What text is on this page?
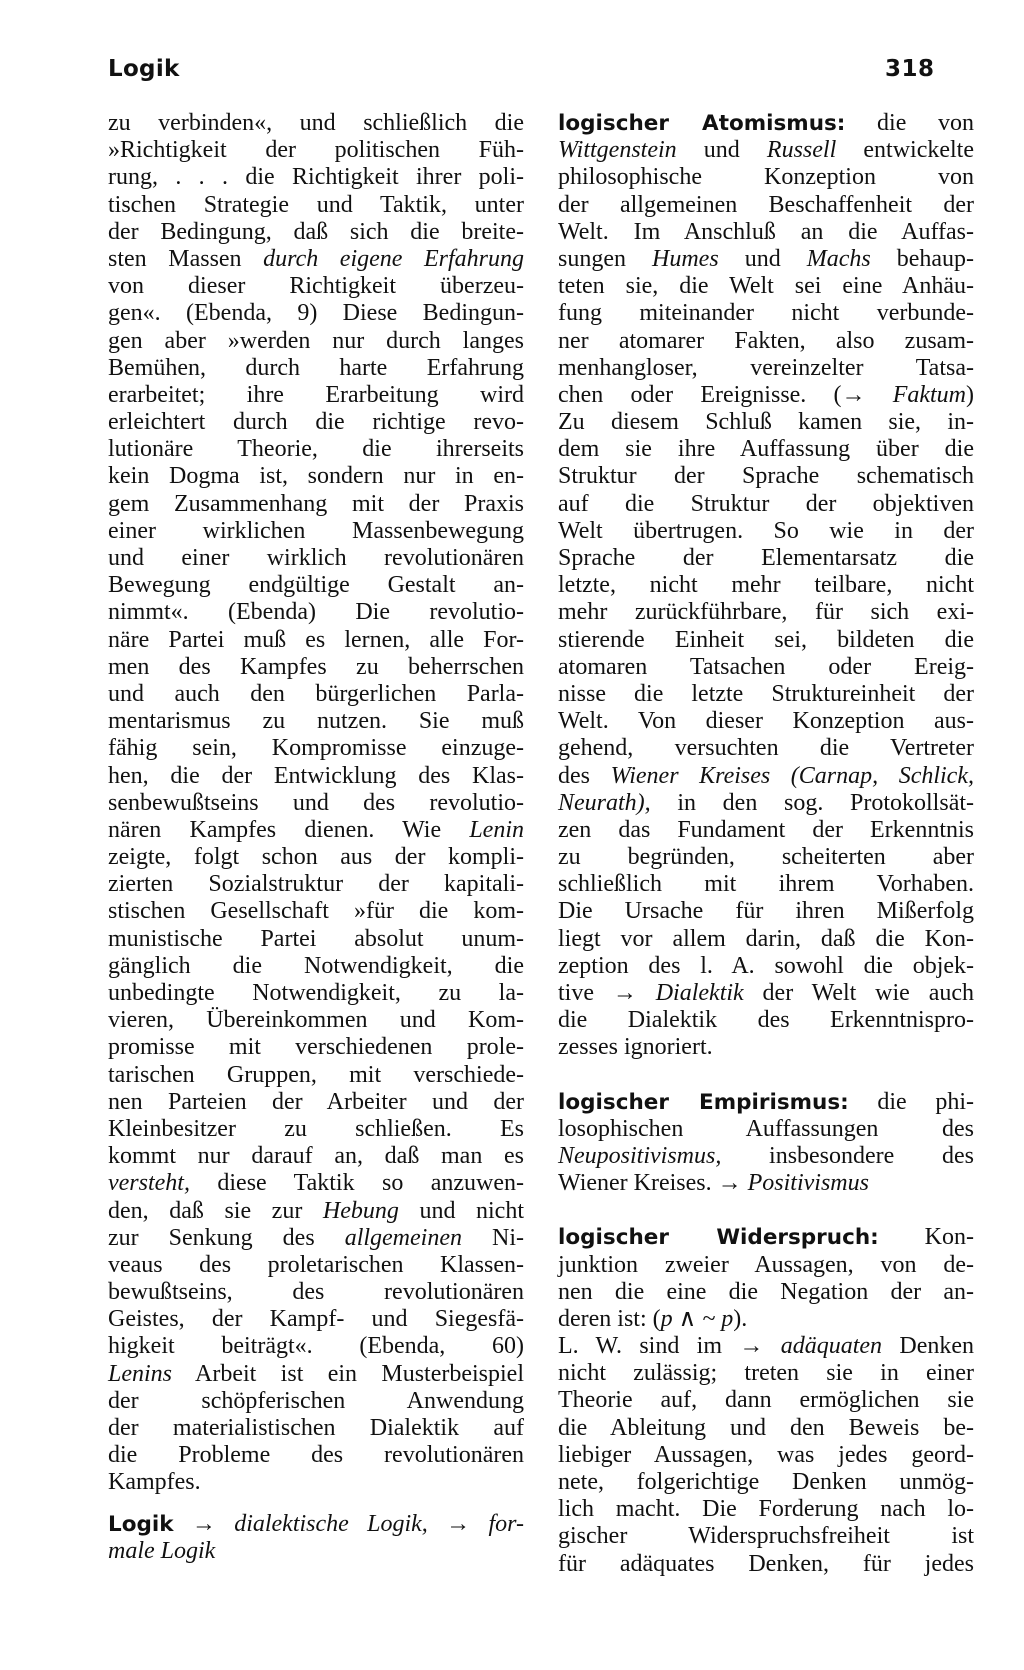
Logik	318
zu verbinden«, und schließlich die
»Richtigkeit der politischen Füh-
rung, . . . die Richtigkeit ihrer poli-
tischen Strategie und Taktik, unter
der Bedingung, daß sich die breite-
sten Massen durch eigene Erfahrung
von dieser Richtigkeit überzeu-
gen«. (Ebenda, 9) Diese Bedingun-
gen aber »werden nur durch langes
Bemühen, durch harte Erfahrung
erarbeitet; ihre Erarbeitung wird
erleichtert durch die richtige revo-
lutionäre Theorie, die ihrerseits
kein Dogma ist, sondern nur in en-
gem Zusammenhang mit der Praxis
einer wirklichen Massenbewegung
und einer wirklich revolutionären
Bewegung endgültige Gestalt an-
nimmt«. (Ebenda) Die revolutio-
näre Partei muß es lernen, alle For-
men des Kampfes zu beherrschen
und auch den bürgerlichen Parla-
mentarismus zu nutzen. Sie muß
fähig sein, Kompromisse einzuge-
hen, die der Entwicklung des Klas-
senbewußtseins und des revolutio-
nären Kampfes dienen. Wie Lenin
zeigte, folgt schon aus der kompli-
zierten Sozialstruktur der kapitali-
stischen Gesellschaft »für die kom-
munistische Partei absolut unum-
gänglich die Notwendigkeit, die
unbedingte Notwendigkeit, zu la-
vieren, Übereinkommen und Kom-
promisse mit verschiedenen prole-
tarischen Gruppen, mit verschiede-
nen Parteien der Arbeiter und der
Kleinbesitzer zu schließen. Es
kommt nur darauf an, daß man es
versteht, diese Taktik so anzuwen-
den, daß sie zur Hebung und nicht
zur Senkung des allgemeinen Ni-
veaus des proletarischen Klassen-
bewußtseins, des revolutionären
Geistes, der Kampf- und Siegesfä-
higkeit beiträgt«. (Ebenda, 60)
Lenins Arbeit ist ein Musterbeispiel
der schöpferischen Anwendung
der materialistischen Dialektik auf
die Probleme des revolutionären
Kampfes.
Logik → dialektische Logik, → for-
male Logik
logischer Atomismus: die von
Wittgenstein und Russell entwickelte
philosophische Konzeption von
der allgemeinen Beschaffenheit der
Welt. Im Anschluß an die Auffas-
sungen Humes und Machs behaup-
teten sie, die Welt sei eine Anhäu-
fung miteinander nicht verbunde-
ner atomarer Fakten, also zusam-
menhangloser, vereinzelter Tatsa-
chen oder Ereignisse. (→ Faktum)
Zu diesem Schluß kamen sie, in-
dem sie ihre Auffassung über die
Struktur der Sprache schematisch
auf die Struktur der objektiven
Welt übertrugen. So wie in der
Sprache der Elementarsatz die
letzte, nicht mehr teilbare, nicht
mehr zurückführbare, für sich exi-
stierende Einheit sei, bildeten die
atomaren Tatsachen oder Ereig-
nisse die letzte Struktureinheit der
Welt. Von dieser Konzeption aus-
gehend, versuchten die Vertreter
des Wiener Kreises (Carnap, Schlick,
Neurath), in den sog. Protokollsät-
zen das Fundament der Erkenntnis
zu begründen, scheiterten aber
schließlich mit ihrem Vorhaben.
Die Ursache für ihren Mißerfolg
liegt vor allem darin, daß die Kon-
zeption des l. A. sowohl die objek-
tive → Dialektik der Welt wie auch
die Dialektik des Erkenntnispro-
zesses ignoriert.
logischer Empirismus: die phi-
losophischen Auffassungen des
Neupositivismus, insbesondere des
Wiener Kreises. → Positivismus
logischer Widerspruch: Kon-
junktion zweier Aussagen, von de-
nen die eine die Negation der an-
deren ist: (p ∧ ~ p).
L. W. sind im → adäquaten Denken
nicht zulässig; treten sie in einer
Theorie auf, dann ermöglichen sie
die Ableitung und den Beweis be-
liebiger Aussagen, was jedes geord-
nete, folgerichtige Denken unmög-
lich macht. Die Forderung nach lo-
gischer Widerspruchsfreiheit ist
für adäquates Denken, für jedes
